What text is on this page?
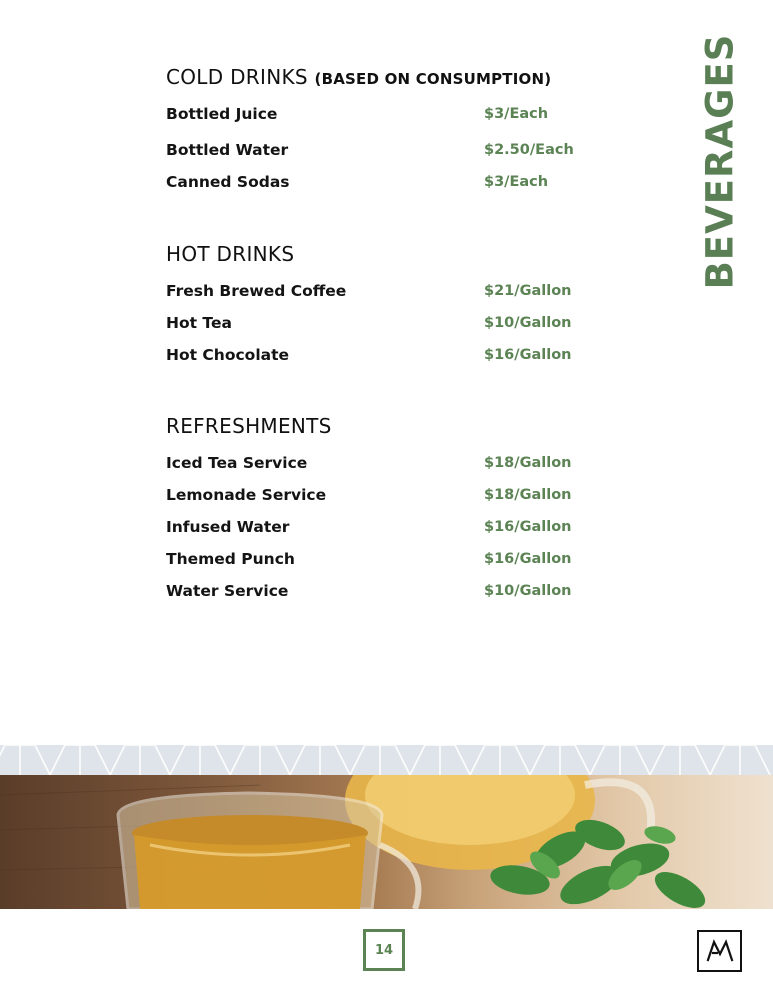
BEVERAGES
COLD DRINKS (BASED ON CONSUMPTION)
Bottled Juice	$3/Each
Bottled Water	$2.50/Each
Canned Sodas	$3/Each
HOT DRINKS
Fresh Brewed Coffee	$21/Gallon
Hot Tea	$10/Gallon
Hot Chocolate	$16/Gallon
REFRESHMENTS
Iced Tea Service	$18/Gallon
Lemonade Service	$18/Gallon
Infused Water	$16/Gallon
Themed Punch	$16/Gallon
Water Service	$10/Gallon
14
